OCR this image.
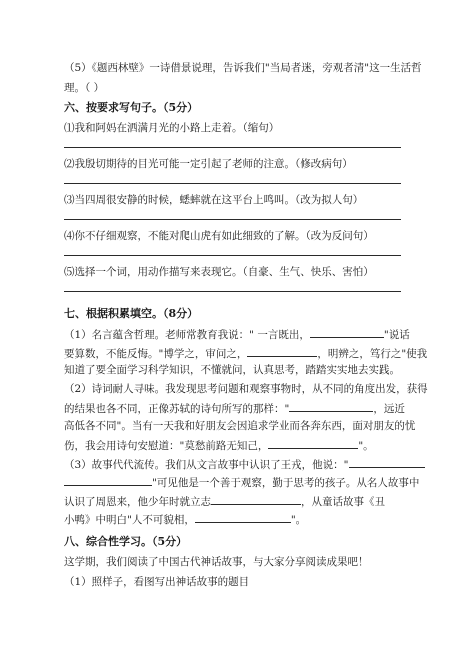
（5）《题西林壁》一诗借景说理，告诉我们"当局者迷，旁观者清"这一生活哲
理。（ ）
六、按要求写句子。（5分）
⑴我和阿妈在洒满月光的小路上走着。（缩句）
⑵我殷切期待的目光可能一定引起了老师的注意。（修改病句）
⑶当四周很安静的时候，蟋蟀就在这平台上鸣叫。（改为拟人句）
⑷你不仔细观察，不能对爬山虎有如此细致的了解。（改为反问句）
⑸选择一个词，用动作描写来表现它。（自豪、生气、快乐、害怕）
七、根据积累填空。（8分）
（1）名言蕴含哲理。老师常教育我说：" 一言既出，	"说话
要算数，不能反悔。"博学之，审问之，	，明辨之，笃行之"使我
知道了要全面学习科学知识，不懂就问，认真思考，踏踏实实地去实践。
（2）诗词耐人寻味。我发现思考问题和观察事物时，从不同的角度出发，获得
的结果也各不同，正像苏轼的诗句所写的那样："	，远近
高低各不同"。当有一天我和好朋友会因追求学业而各奔东西，面对朋友的忧
伤，我会用诗句安慰道："莫愁前路无知己，	"。
（3）故事代代流传。我们从文言故事中认识了王戎，他说："
"可见他是一个善于观察，勤于思考的孩子。从名人故事中
认识了周恩来，他少年时就立志	，从童话故事《丑
小鸭》中明白"人不可貌相，	"。
八、综合性学习。（5分）
这学期，我们阅读了中国古代神话故事，与大家分享阅读成果吧！
（1）照样子，看图写出神话故事的题目
